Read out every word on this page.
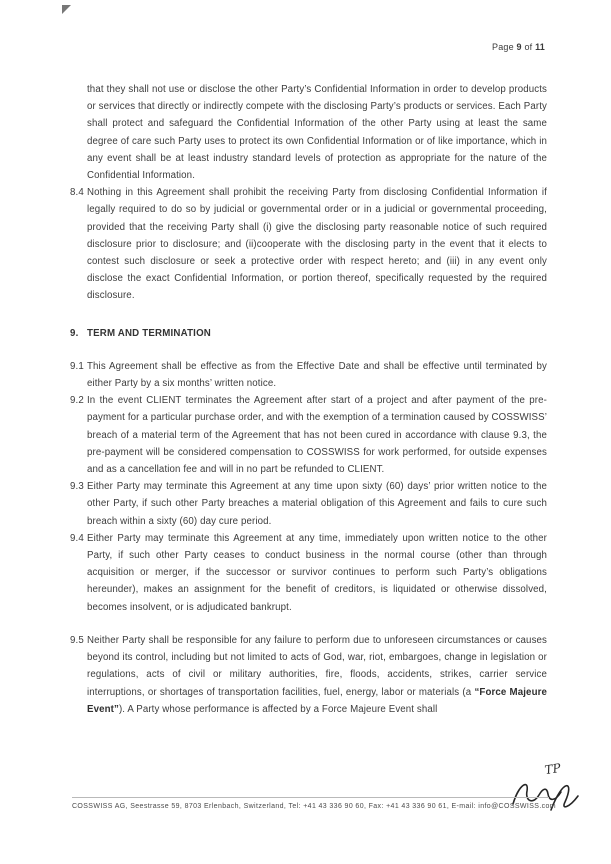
Page 9 of 11

that they shall not use or disclose the other Party’s Confidential Information in order to develop products or services that directly or indirectly compete with the disclosing Party’s products or services. Each Party shall protect and safeguard the Confidential Information of the other Party using at least the same degree of care such Party uses to protect its own Confidential Information or of like importance, which in any event shall be at least industry standard levels of protection as appropriate for the nature of the Confidential Information.

8.4 Nothing in this Agreement shall prohibit the receiving Party from disclosing Confidential Information if legally required to do so by judicial or governmental order or in a judicial or governmental proceeding, provided that the receiving Party shall (i) give the disclosing party reasonable notice of such required disclosure prior to disclosure; and (ii)cooperate with the disclosing party in the event that it elects to contest such disclosure or seek a protective order with respect hereto; and (iii) in any event only disclose the exact Confidential Information, or portion thereof, specifically requested by the required disclosure.
9. TERM AND TERMINATION
9.1 This Agreement shall be effective as from the Effective Date and shall be effective until terminated by either Party by a six months’ written notice.
9.2 In the event CLIENT terminates the Agreement after start of a project and after payment of the pre-payment for a particular purchase order, and with the exemption of a termination caused by COSSWISS’ breach of a material term of the Agreement that has not been cured in accordance with clause 9.3, the pre-payment will be considered compensation to COSSWISS for work performed, for outside expenses and as a cancellation fee and will in no part be refunded to CLIENT.
9.3 Either Party may terminate this Agreement at any time upon sixty (60) days’ prior written notice to the other Party, if such other Party breaches a material obligation of this Agreement and fails to cure such breach within a sixty (60) day cure period.
9.4 Either Party may terminate this Agreement at any time, immediately upon written notice to the other Party, if such other Party ceases to conduct business in the normal course (other than through acquisition or merger, if the successor or survivor continues to perform such Party’s obligations hereunder), makes an assignment for the benefit of creditors, is liquidated or otherwise dissolved, becomes insolvent, or is adjudicated bankrupt.
9.5 Neither Party shall be responsible for any failure to perform due to unforeseen circumstances or causes beyond its control, including but not limited to acts of God, war, riot, embargoes, change in legislation or regulations, acts of civil or military authorities, fire, floods, accidents, strikes, carrier service interruptions, or shortages of transportation facilities, fuel, energy, labor or materials (a “Force Majeure Event”). A Party whose performance is affected by a Force Majeure Event shall
TP
COSSWISS AG, Seestrasse 59, 8703 Erlenbach, Switzerland, Tel: +41 43 336 90 60, Fax: +41 43 336 90 61, E-mail: info@COSSWISS.com
